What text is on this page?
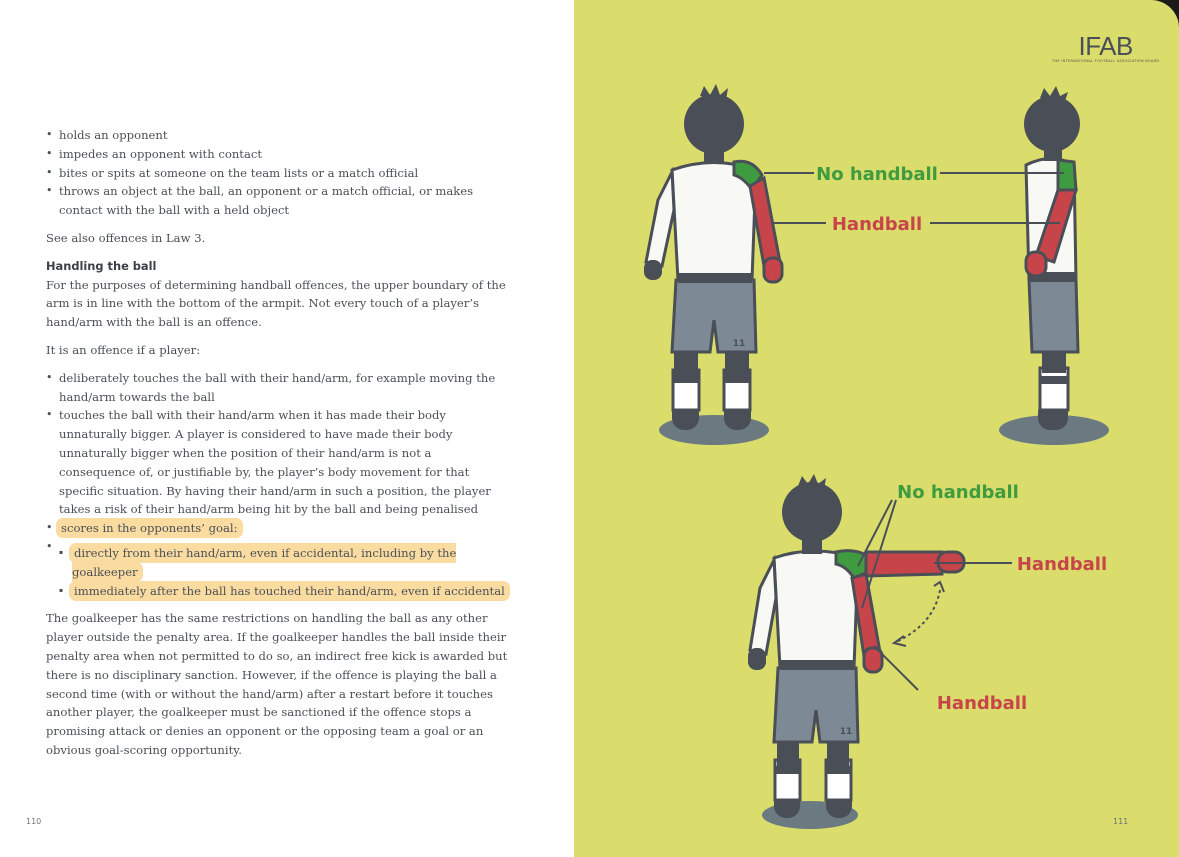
• holds an opponent
• impedes an opponent with contact
• bites or spits at someone on the team lists or a match official
• throws an object at the ball, an opponent or a match official, or makes contact with the ball with a held object

See also offences in Law 3.

Handling the ball

For the purposes of determining handball offences, the upper boundary of the arm is in line with the bottom of the armpit. Not every touch of a player’s hand/arm with the ball is an offence.

It is an offence if a player:

• deliberately touches the ball with their hand/arm, for example moving the hand/arm towards the ball
• touches the ball with their hand/arm when it has made their body unnaturally bigger. A player is considered to have made their body unnaturally bigger when the position of their hand/arm is not a consequence of, or justifiable by, the player’s body movement for that specific situation. By having their hand/arm in such a position, the player takes a risk of their hand/arm being hit by the ball and being penalised
• scores in the opponents’ goal:
•
▪ directly from their hand/arm, even if accidental, including by the goalkeeper
▪ immediately after the ball has touched their hand/arm, even if accidental

The goalkeeper has the same restrictions on handling the ball as any other player outside the penalty area. If the goalkeeper handles the ball inside their penalty area when not permitted to do so, an indirect free kick is awarded but there is no disciplinary sanction. However, if the offence is playing the ball a second time (with or without the hand/arm) after a restart before it touches another player, the goalkeeper must be sanctioned if the offence stops a promising attack or denies an opponent or the opposing team a goal or an obvious goal-scoring opportunity.

110
IFAB
THE INTERNATIONAL FOOTBALL ASSOCIATION BOARD
11
11
No handball
Handball
No handball
Handball
Handball
111
